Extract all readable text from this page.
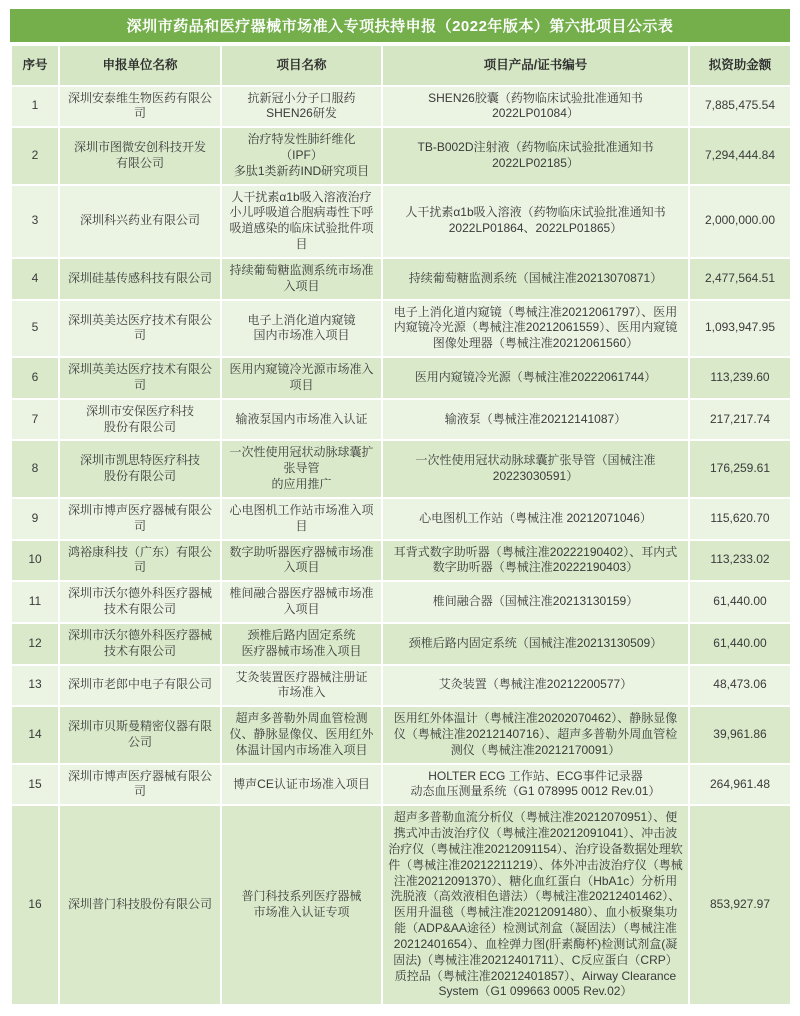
深圳市药品和医疗器械市场准入专项扶持申报（2022年版本）第六批项目公示表
序号	申报单位名称	项目名称	项目产品/证书编号	拟资助金额
1	深圳安泰维生物医药有限公司	抗新冠小分子口服药SHEN26研发	SHEN26胶囊（药物临床试验批准通知书2022LP01084）	7,885,475.54
2	深圳市图微安创科技开发
有限公司	治疗特发性肺纤维化（IPF）
多肽1类新药IND研究项目	TB-B002D注射液（药物临床试验批准通知书2022LP02185）	7,294,444.84
3	深圳科兴药业有限公司	人干扰素α1b吸入溶液治疗小儿呼吸道合胞病毒性下呼吸道感染的临床试验批件项目	人干扰素α1b吸入溶液（药物临床试验批准通知书2022LP01864、2022LP01865）	2,000,000.00
4	深圳硅基传感科技有限公司	持续葡萄糖监测系统市场准入项目	持续葡萄糖监测系统（国械注准20213070871）	2,477,564.51
5	深圳英美达医疗技术有限公司	电子上消化道内窥镜
国内市场准入项目	电子上消化道内窥镜（粤械注准20212061797）、医用内窥镜冷光源（粤械注准20212061559）、医用内窥镜图像处理器（粤械注准20212061560）	1,093,947.95
6	深圳英美达医疗技术有限公司	医用内窥镜冷光源市场准入项目	医用内窥镜冷光源（粤械注准20222061744）	113,239.60
7	深圳市安保医疗科技
股份有限公司	输液泵国内市场准入认证	输液泵（粤械注准20212141087）	217,217.74
8	深圳市凯思特医疗科技
股份有限公司	一次性使用冠状动脉球囊扩张导管
的应用推广	一次性使用冠状动脉球囊扩张导管（国械注准20223030591）	176,259.61
9	深圳市博声医疗器械有限公司	心电图机工作站市场准入项目	心电图机工作站（粤械注准 20212071046）	115,620.70
10	鸿裕康科技（广东）有限公司	数字助听器医疗器械市场准入项目	耳背式数字助听器（粤械注准20222190402）、耳内式数字助听器（粤械注准20222190403）	113,233.02
11	深圳市沃尔德外科医疗器械
技术有限公司	椎间融合器医疗器械市场准入项目	椎间融合器（国械注准20213130159）	61,440.00
12	深圳市沃尔德外科医疗器械
技术有限公司	颈椎后路内固定系统
医疗器械市场准入项目	颈椎后路内固定系统（国械注准20213130509）	61,440.00
13	深圳市老郎中电子有限公司	艾灸装置医疗器械注册证
市场准入	艾灸装置（粤械注准20212200577）	48,473.06
14	深圳市贝斯曼精密仪器有限公司	超声多普勒外周血管检测仪、静脉显像仪、医用红外体温计国内市场准入项目	医用红外体温计（粤械注准20202070462）、静脉显像仪（粤械注准20212140716）、超声多普勒外周血管检测仪（粤械注准20212170091）	39,961.86
15	深圳市博声医疗器械有限公司	博声CE认证市场准入项目	HOLTER ECG 工作站、ECG事件记录器
动态血压测量系统（G1 078995 0012 Rev.01）	264,961.48
16	深圳普门科技股份有限公司	普门科技系列医疗器械
市场准入认证专项	超声多普勒血流分析仪（粤械注准20212070951）、便携式冲击波治疗仪（粤械注准20212091041）、冲击波治疗仪（粤械注准20212091154）、治疗设备数据处理软件（粤械注准20212211219）、体外冲击波治疗仪（粤械注准20212091370）、糖化血红蛋白（HbA1c）分析用洗脱液（高效液相色谱法）（粤械注准20212401462）、医用升温毯（粤械注准20212091480）、血小板聚集功能（ADP&AA途径）检测试剂盒（凝固法）（粤械注准20212401654）、血栓弹力图(肝素酶杯)检测试剂盒(凝固法)（粤械注准20212401711）、C反应蛋白（CRP）质控品（粤械注准20212401857）、Airway Clearance System（G1 099663 0005 Rev.02）	853,927.97
